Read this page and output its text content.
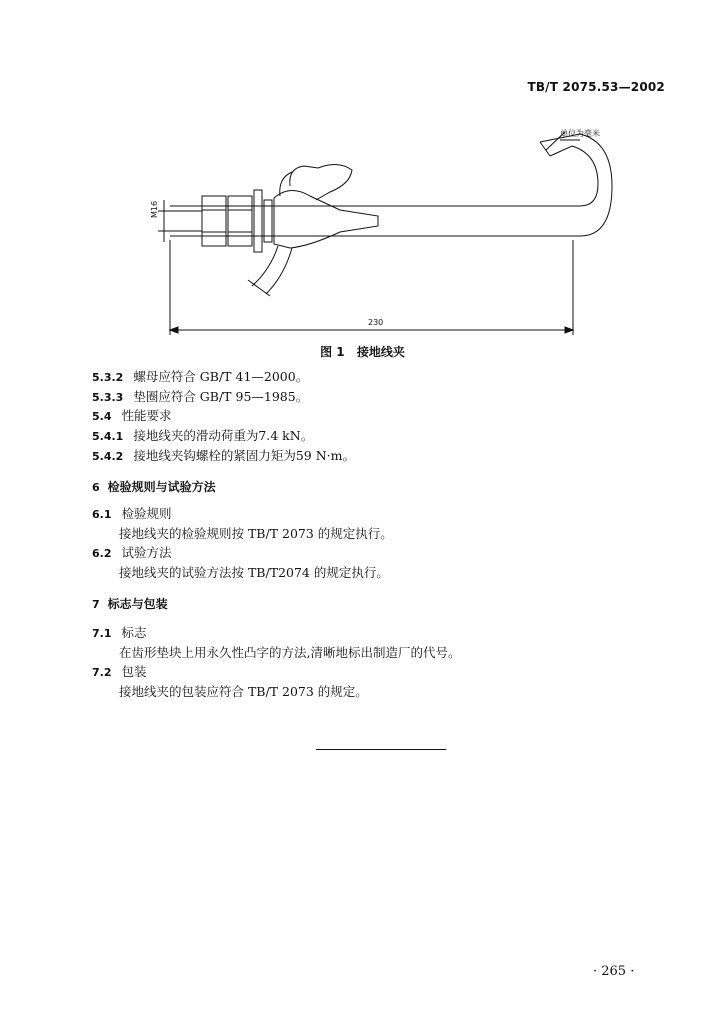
TB/T 2075.53—2002
单位为毫米
230
M16
图 1 接地线夹
5.3.2 螺母应符合 GB/T 41—2000。
5.3.3 垫圈应符合 GB/T 95—1985。
5.4 性能要求
5.4.1 接地线夹的滑动荷重为7.4 kN。
5.4.2 接地线夹钩螺栓的紧固力矩为59 N·m。
6 检验规则与试验方法
6.1 检验规则
接地线夹的检验规则按 TB/T 2073 的规定执行。
6.2 试验方法
接地线夹的试验方法按 TB/T2074 的规定执行。
7 标志与包装
7.1 标志
在齿形垫块上用永久性凸字的方法,清晰地标出制造厂的代号。
7.2 包装
接地线夹的包装应符合 TB/T 2073 的规定。
· 265 ·
